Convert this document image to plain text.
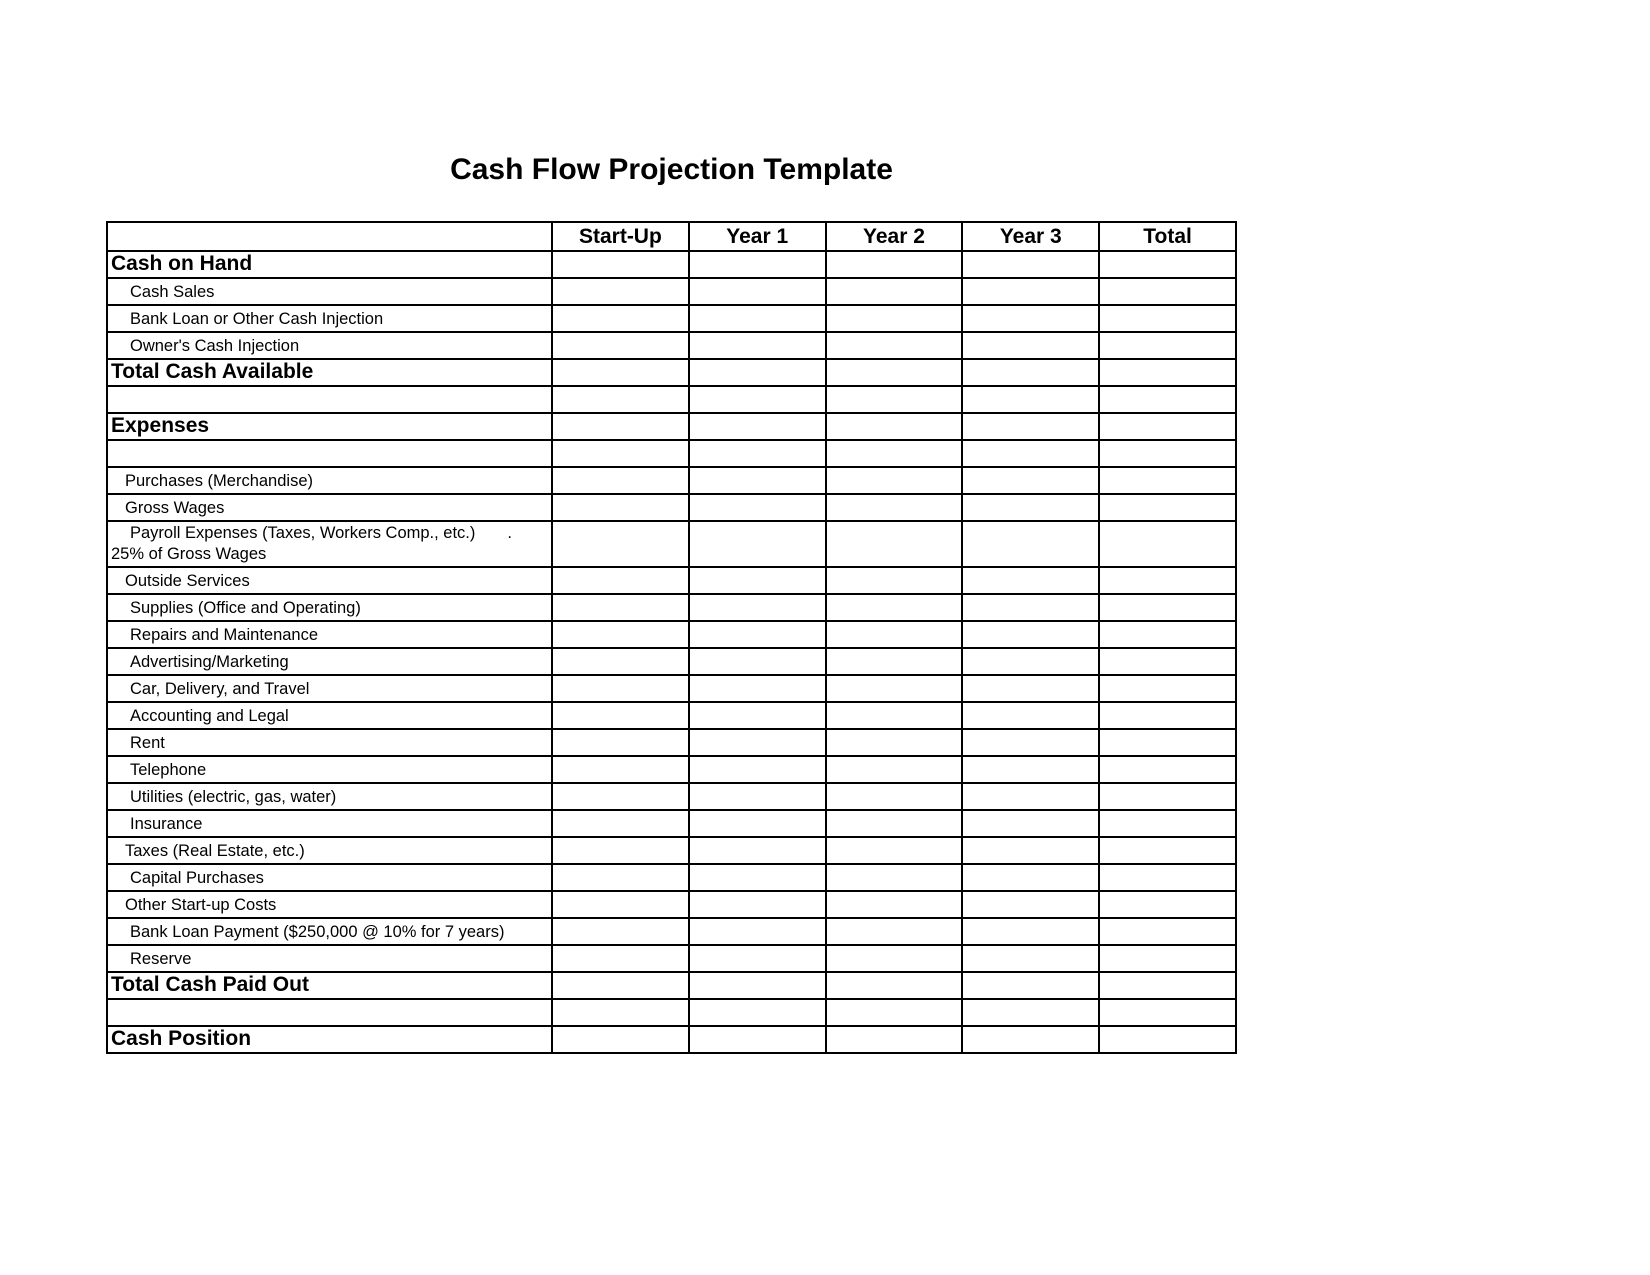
Cash Flow Projection Template
	Start-Up	Year 1	Year 2	Year 3	Total
Cash on Hand					
Cash Sales					
Bank Loan or Other Cash Injection					
Owner's Cash Injection					
Total Cash Available					

Expenses					

Purchases (Merchandise)					
Gross Wages					

Payroll Expenses (Taxes, Workers Comp., etc.) .
25% of Gross Wages					
Outside Services					
Supplies (Office and Operating)					
Repairs and Maintenance					
Advertising/Marketing					
Car, Delivery, and Travel					
Accounting and Legal					
Rent					
Telephone					
Utilities (electric, gas, water)					
Insurance					
Taxes (Real Estate, etc.)					
Capital Purchases					
Other Start-up Costs					
Bank Loan Payment ($250,000 @ 10% for 7 years)					
Reserve					
Total Cash Paid Out					

Cash Position					
